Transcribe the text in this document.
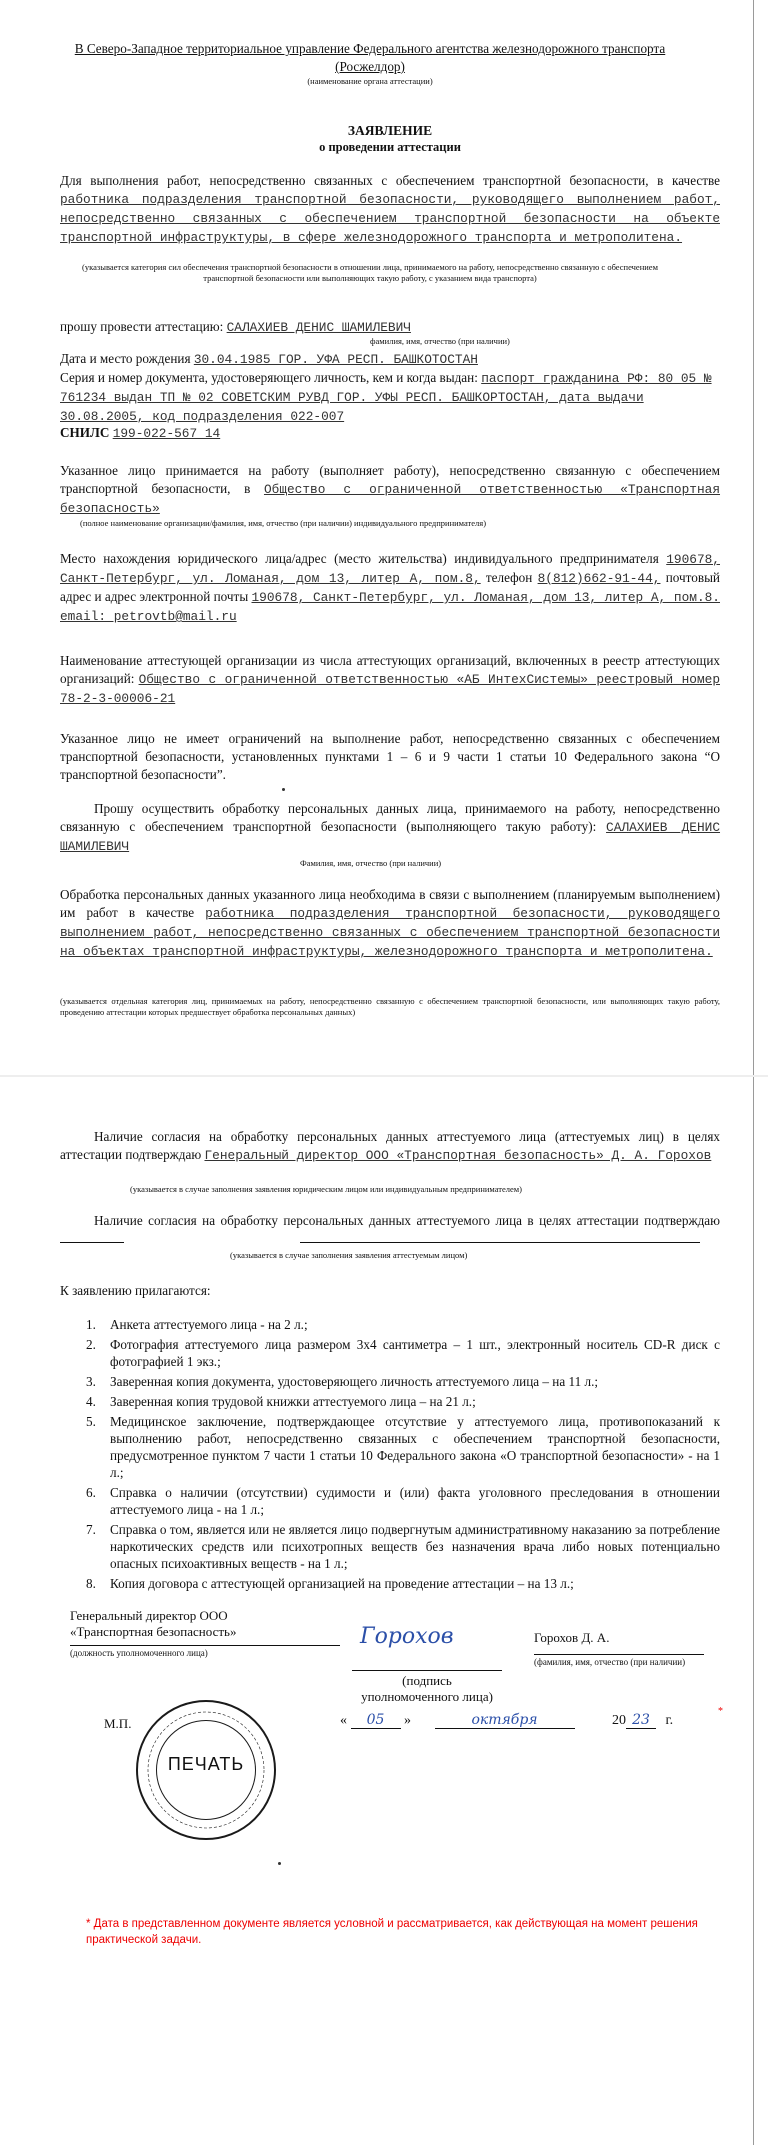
В Северо-Западное территориальное управление Федерального агентства железнодорожного транспорта (Росжелдор)
(наименование органа аттестации)
ЗАЯВЛЕНИЕ
о проведении аттестации
Для выполнения работ, непосредственно связанных с обеспечением транспортной безопасности, в качестве работника подразделения транспортной безопасности, руководящего выполнением работ, непосредственно связанных с обеспечением транспортной безопасности на объекте транспортной инфраструктуры, в сфере железнодорожного транспорта и метрополитена.
(указывается категория сил обеспечения транспортной безопасности в отношении лица, принимаемого на работу, непосредственно связанную с обеспечением транспортной безопасности или выполняющих такую работу, с указанием вида транспорта)
прошу провести аттестацию: САЛАХИЕВ ДЕНИС ШАМИЛЕВИЧ
фамилия, имя, отчество (при наличии)
Дата и место рождения 30.04.1985 ГОР. УФА РЕСП. БАШКОТОСТАН
Серия и номер документа, удостоверяющего личность, кем и когда выдан: паспорт гражданина РФ: 80 05 № 761234 выдан ТП № 02 СОВЕТСКИМ РУВД ГОР. УФЫ РЕСП. БАШКОРТОСТАН, дата выдачи 30.08.2005, код подразделения 022-007
СНИЛС 199-022-567 14
Указанное лицо принимается на работу (выполняет работу), непосредственно связанную с обеспечением транспортной безопасности, в Общество с ограниченной ответственностью «Транспортная безопасность»
(полное наименование организации/фамилия, имя, отчество (при наличии) индивидуального предпринимателя)
Место нахождения юридического лица/адрес (место жительства) индивидуального предпринимателя 190678, Санкт-Петербург, ул. Ломаная, дом 13, литер А, пом.8, телефон 8(812)662-91-44, почтовый адрес и адрес электронной почты 190678, Санкт-Петербург, ул. Ломаная, дом 13, литер А, пом.8. email: petrovtb@mail.ru
Наименование аттестующей организации из числа аттестующих организаций, включенных в реестр аттестующих организаций: Общество с ограниченной ответственностью «АБ ИнтехСистемы» реестровый номер 78-2-3-00006-21
Указанное лицо не имеет ограничений на выполнение работ, непосредственно связанных с обеспечением транспортной безопасности, установленных пунктами 1 – 6 и 9 части 1 статьи 10 Федерального закона “О транспортной безопасности”.
Прошу осуществить обработку персональных данных лица, принимаемого на работу, непосредственно связанную с обеспечением транспортной безопасности (выполняющего такую работу): САЛАХИЕВ ДЕНИС ШАМИЛЕВИЧ
Фамилия, имя, отчество (при наличии)
Обработка персональных данных указанного лица необходима в связи с выполнением (планируемым выполнением) им работ в качестве работника подразделения транспортной безопасности, руководящего выполнением работ, непосредственно связанных с обеспечением транспортной безопасности на объектах транспортной инфраструктуры, железнодорожного транспорта и метрополитена.
(указывается отдельная категория лиц, принимаемых на работу, непосредственно связанную с обеспечением транспортной безопасности, или выполняющих такую работу, проведению аттестации которых предшествует обработка персональных данных)
Наличие согласия на обработку персональных данных аттестуемого лица (аттестуемых лиц) в целях аттестации подтверждаю Генеральный директор ООО «Транспортная безопасность» Д. А. Горохов
(указывается в случае заполнения заявления юридическим лицом или индивидуальным предпринимателем)
Наличие согласия на обработку персональных данных аттестуемого лица в целях аттестации подтверждаю
(указывается в случае заполнения заявления аттестуемым лицом)
К заявлению прилагаются:
1.	Анкета аттестуемого лица - на 2 л.;
2.	Фотография аттестуемого лица размером 3х4 сантиметра – 1 шт., электронный носитель CD-R диск с фотографией 1 экз.;
3.	Заверенная копия документа, удостоверяющего личность аттестуемого лица – на 11 л.;
4.	Заверенная копия трудовой книжки аттестуемого лица – на 21 л.;
5.	Медицинское заключение, подтверждающее отсутствие у аттестуемого лица, противопоказаний к выполнению работ, непосредственно связанных с обеспечением транспортной безопасности, предусмотренное пунктом 7 части 1 статьи 10 Федерального закона «О транспортной безопасности» - на 1 л.;
6.	Справка о наличии (отсутствии) судимости и (или) факта уголовного преследования в отношении аттестуемого лица - на 1 л.;
7.	Справка о том, является или не является лицо подвергнутым административному наказанию за потребление наркотических средств или психотропных веществ без назначения врача либо новых потенциально опасных психоактивных веществ - на 1 л.;
8.	Копия договора с аттестующей организацией на проведение аттестации – на 13 л.;
Генеральный директор ООО
«Транспортная безопасность»
(должность уполномоченного лица)
Горохов
(подпись уполномоченного лица)
Горохов Д. А.
(фамилия, имя, отчество (при наличии)
М.П.
ПЕЧАТЬ
« 05 »	октября	20 23 г.
*
* Дата в представленном документе является условной и рассматривается, как действующая на момент решения практической задачи.
